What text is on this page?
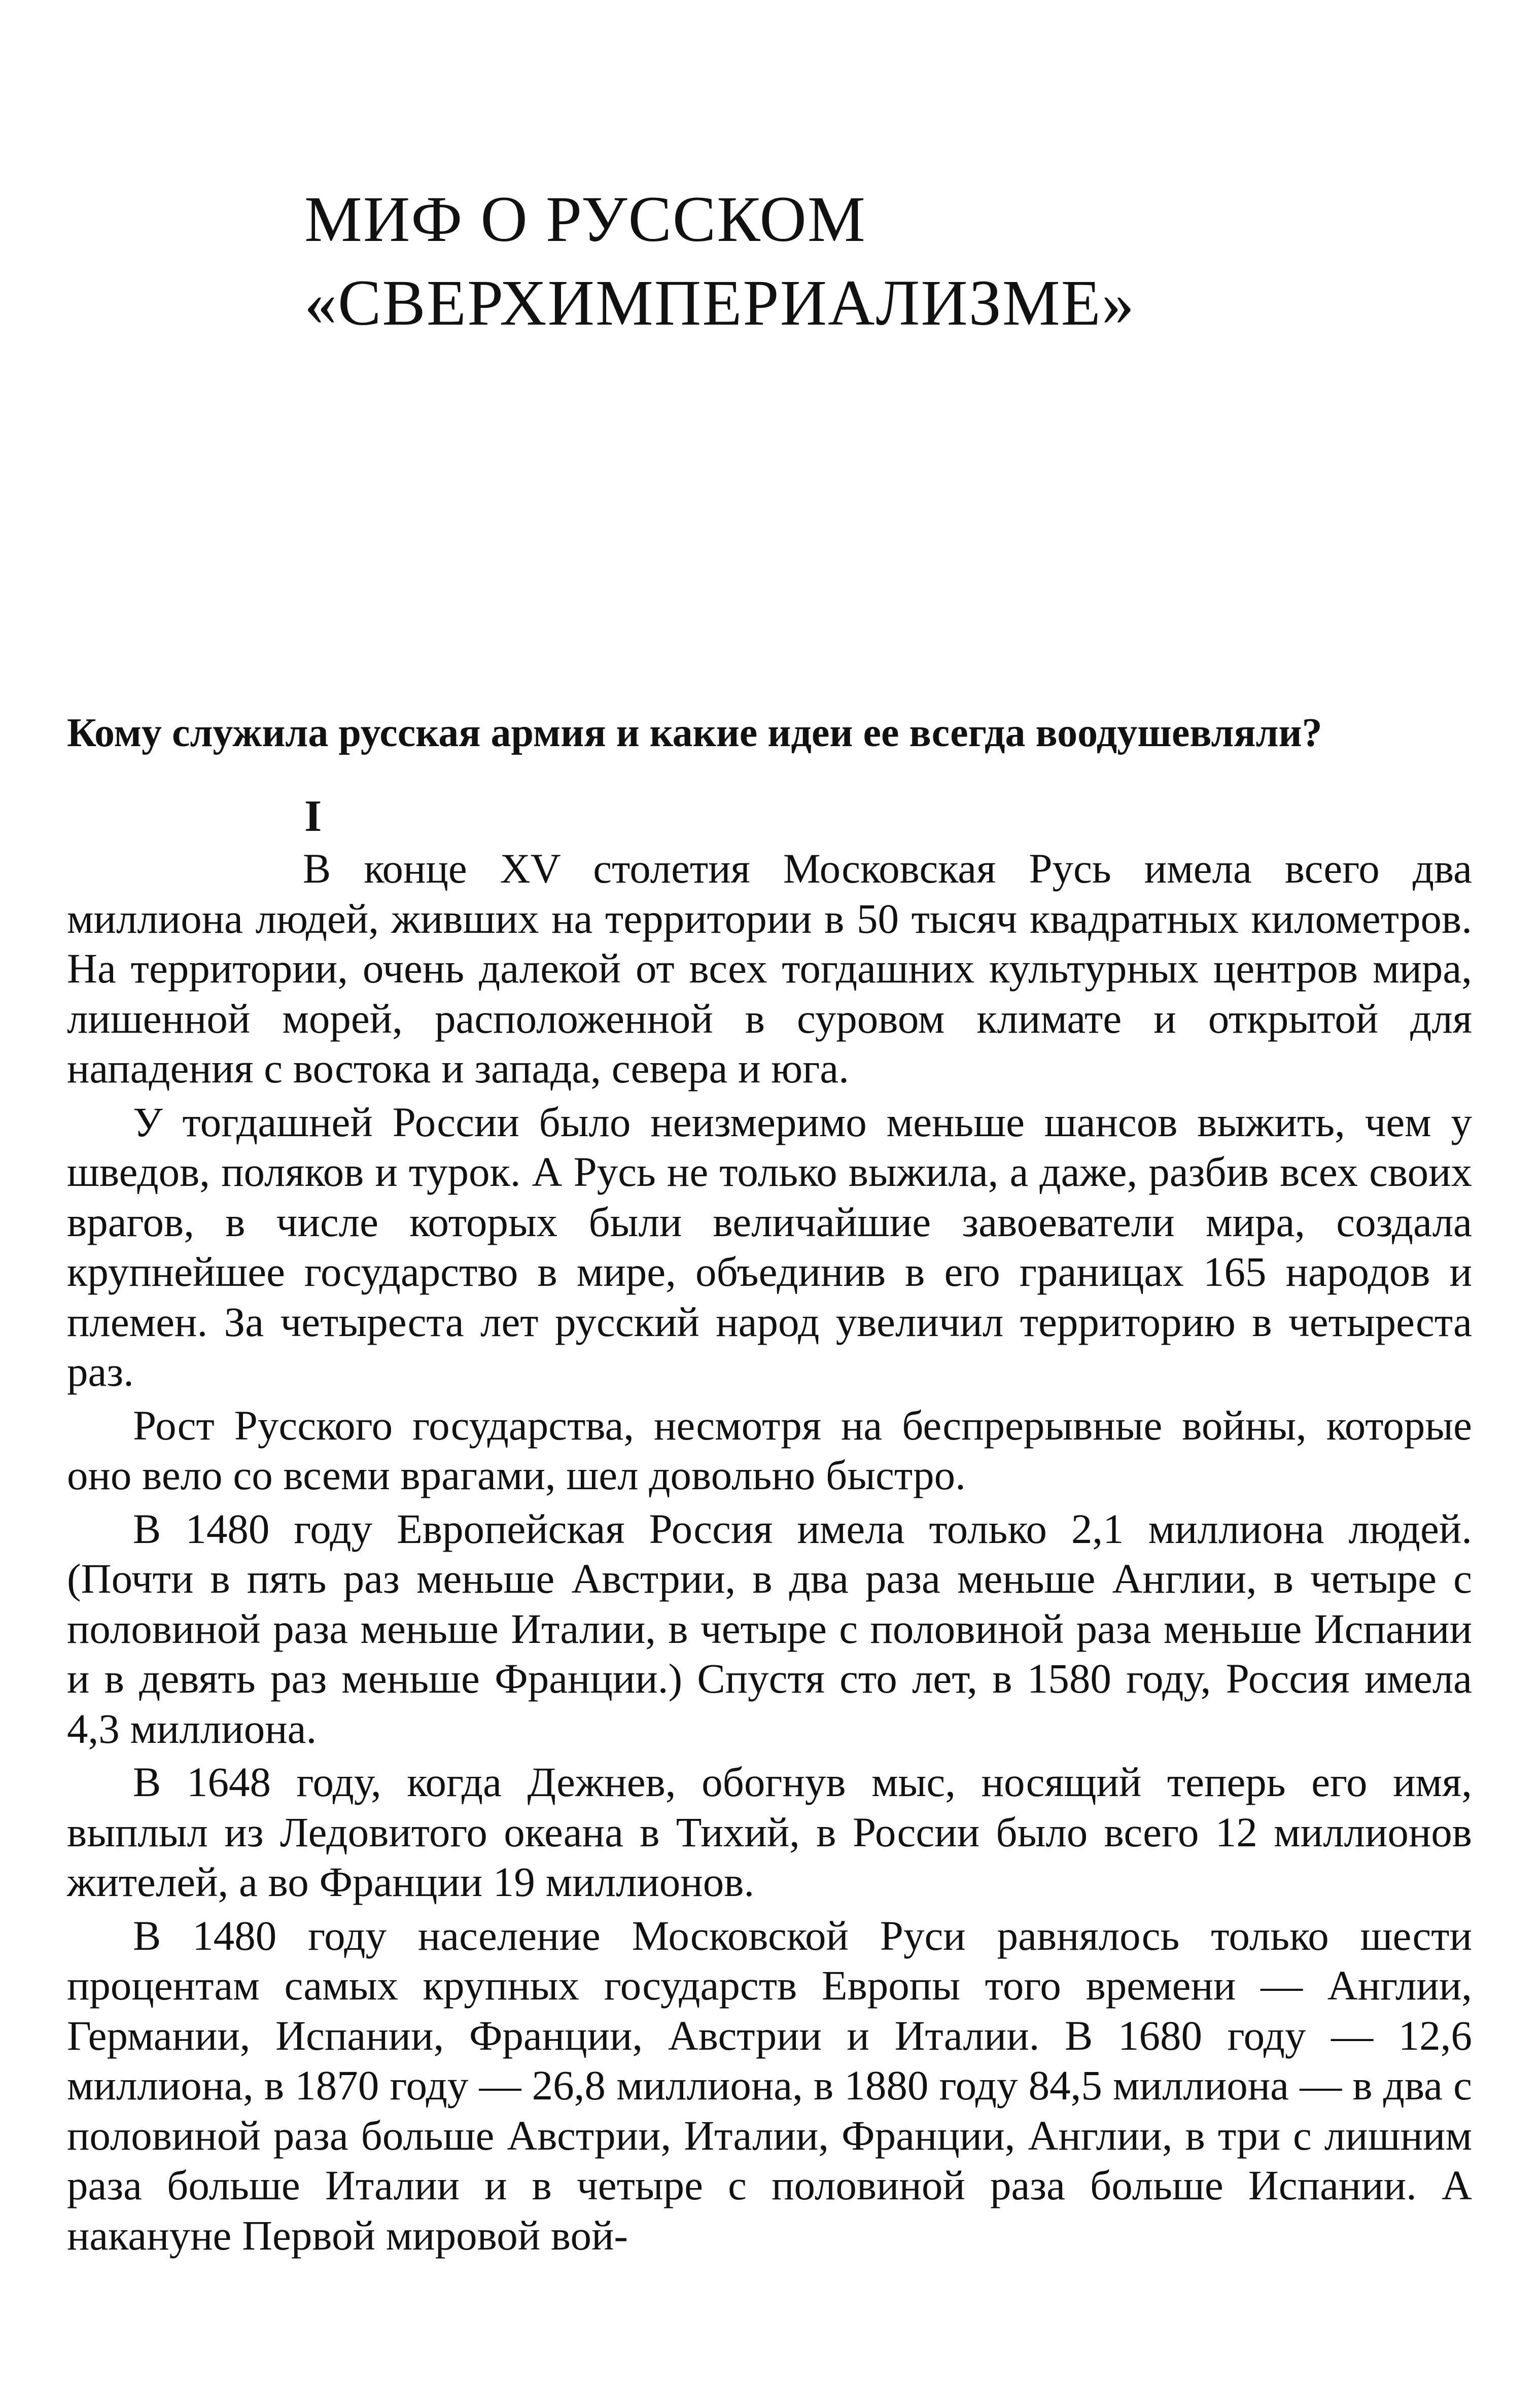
МИФ О РУССКОМ
«СВЕРХИМПЕРИАЛИЗМЕ»
Кому служила русская армия и какие идеи ее всегда воодушевляли?
I

В конце XV столетия Московская Русь имела всего два миллиона людей, живших на территории в 50 тысяч квадратных километров. На территории, очень далекой от всех тогдашних культурных центров мира, лишенной морей, расположенной в суровом климате и открытой для нападения с востока и запада, севера и юга.

У тогдашней России было неизмеримо меньше шансов выжить, чем у шведов, поляков и турок. А Русь не только выжила, а даже, разбив всех своих врагов, в числе которых были величайшие завоеватели мира, создала крупнейшее государство в мире, объединив в его границах 165 народов и племен. За четыреста лет русский народ увеличил территорию в четыреста раз.

Рост Русского государства, несмотря на беспрерывные войны, которые оно вело со всеми врагами, шел довольно быстро.

В 1480 году Европейская Россия имела только 2,1 миллиона людей. (Почти в пять раз меньше Австрии, в два раза меньше Англии, в четыре с половиной раза меньше Италии, в четыре с половиной раза меньше Испании и в девять раз меньше Франции.) Спустя сто лет, в 1580 году, Россия имела 4,3 миллиона.

В 1648 году, когда Дежнев, обогнув мыс, носящий теперь его имя, выплыл из Ледовитого океана в Тихий, в России было всего 12 миллионов жителей, а во Франции 19 миллионов.

В 1480 году население Московской Руси равнялось только шести процентам самых крупных государств Европы того времени — Англии, Германии, Испании, Франции, Австрии и Италии. В 1680 году — 12,6 миллиона, в 1870 году — 26,8 миллиона, в 1880 году 84,5 миллиона — в два с половиной раза больше Австрии, Италии, Франции, Англии, в три с лишним раза больше Италии и в четыре с половиной раза больше Испании. А накануне Первой мировой вой-
